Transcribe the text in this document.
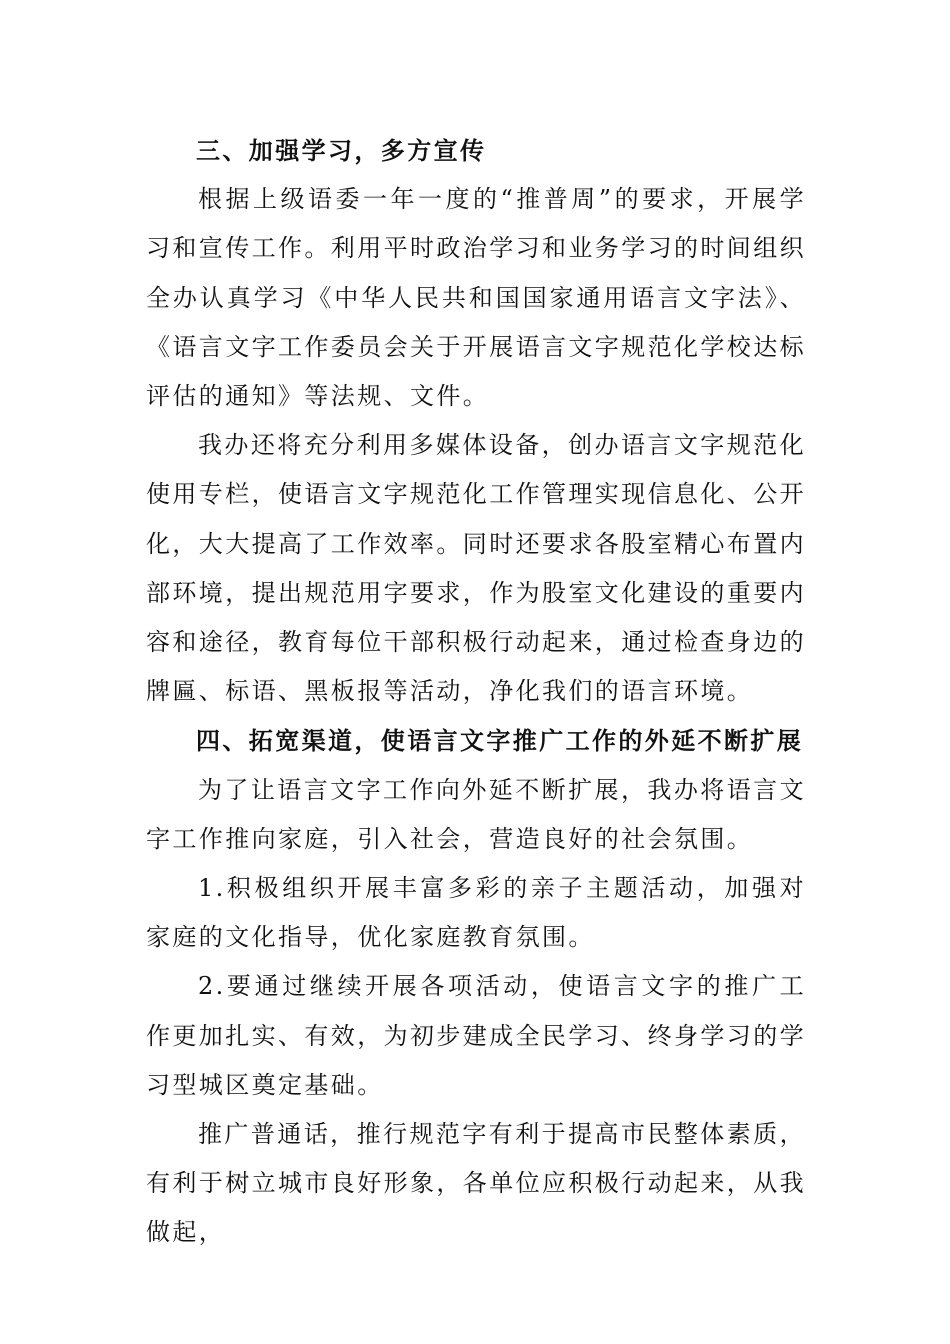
三、加强学习，多方宣传

根据上级语委一年一度的“推普周”的要求，开展学习和宣传工作。利用平时政治学习和业务学习的时间组织全办认真学习《中华人民共和国国家通用语言文字法》、《语言文字工作委员会关于开展语言文字规范化学校达标评估的通知》等法规、文件。

我办还将充分利用多媒体设备，创办语言文字规范化使用专栏，使语言文字规范化工作管理实现信息化、公开化，大大提高了工作效率。同时还要求各股室精心布置内部环境，提出规范用字要求，作为股室文化建设的重要内容和途径，教育每位干部积极行动起来，通过检查身边的牌匾、标语、黑板报等活动，净化我们的语言环境。

四、拓宽渠道，使语言文字推广工作的外延不断扩展

为了让语言文字工作向外延不断扩展，我办将语言文字工作推向家庭，引入社会，营造良好的社会氛围。

1.积极组织开展丰富多彩的亲子主题活动，加强对家庭的文化指导，优化家庭教育氛围。

2.要通过继续开展各项活动，使语言文字的推广工作更加扎实、有效，为初步建成全民学习、终身学习的学习型城区奠定基础。

推广普通话，推行规范字有利于提高市民整体素质，有利于树立城市良好形象，各单位应积极行动起来，从我做起，
